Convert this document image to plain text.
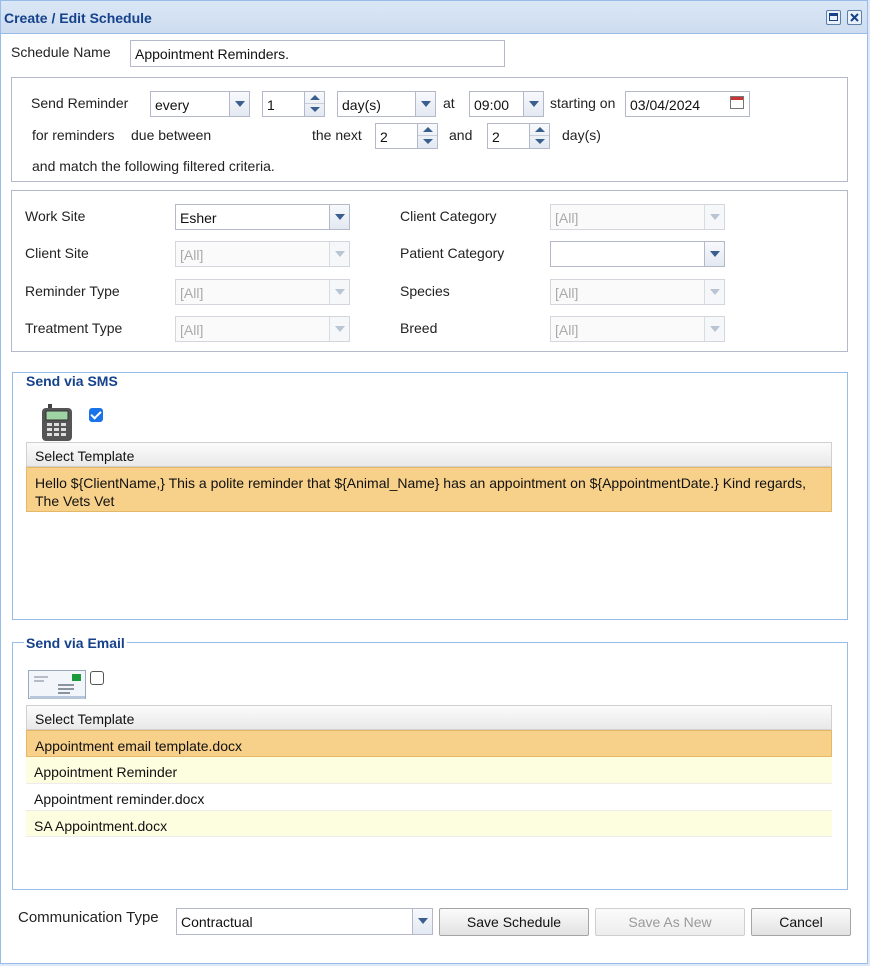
Create / Edit Schedule
Schedule Name Appointment Reminders.
Send Reminder every	1	day(s)	at 09:00	starting on 03/04/2024
for reminders due between	the next 2	and 2	day(s)
and match the following filtered criteria.
Work Site	Esher
Client Site	[All]
Reminder Type	[All]
Treatment Type	[All]
Client Category	[All]
Patient Category
Species	[All]
Breed	[All]
Send via SMS
Select Template
Hello ${ClientName,} This a polite reminder that ${Animal_Name} has an appointment on ${AppointmentDate.} Kind regards, The Vets Vet
Send via Email
Select Template
Appointment email template.docx
Appointment Reminder
Appointment reminder.docx
SA Appointment.docx
Communication Type Contractual	Save Schedule	Save As New	Cancel
